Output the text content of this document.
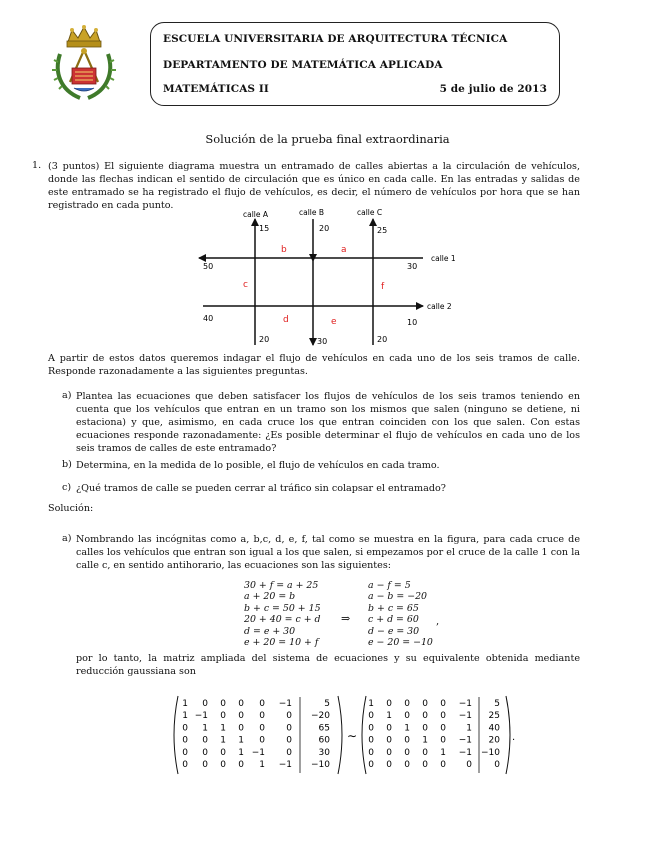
ESCUELA UNIVERSITARIA DE ARQUITECTURA TÉCNICA
DEPARTAMENTO DE MATEMÁTICA APLICADA
MATEMÁTICAS II	5 de julio de 2013
Solución de la prueba final extraordinaria
1. (3 puntos) El siguiente diagrama muestra un entramado de calles abiertas a la circulación de vehículos, donde las flechas indican el sentido de circulación que es único en cada calle. En las entradas y salidas de este entramado se ha registrado el flujo de vehículos, es decir, el número de vehículos por hora que se han registrado en cada punto.
calle A	calle B	calle C
calle 1
calle 2
15	20	25
50	30
40	10
20	30	20
b	a
c	f
d	e
A partir de estos datos queremos indagar el flujo de vehículos en cada uno de los seis tramos de calle. Responde razonadamente a las siguientes preguntas.
a) Plantea las ecuaciones que deben satisfacer los flujos de vehículos de los seis tramos teniendo en cuenta que los vehículos que entran en un tramo son los mismos que salen (ninguno se detiene, ni estaciona) y que, asimismo, en cada cruce los que entran coinciden con los que salen. Con estas ecuaciones responde razonadamente: ¿Es posible determinar el flujo de vehículos en cada uno de los seis tramos de calles de este entramado?
b) Determina, en la medida de lo posible, el flujo de vehículos en cada tramo.
c) ¿Qué tramos de calle se pueden cerrar al tráfico sin colapsar el entramado?
Solución:
a) Nombrando las incógnitas como a, b,c, d, e, f, tal como se muestra en la figura, para cada cruce de calles los vehículos que entran son igual a los que salen, si empezamos por el cruce de la calle 1 con la calle c, en sentido antihorario, las ecuaciones son las siguientes:
30 + f = a + 25
a + 20 = b
b + c = 50 + 15
20 + 40 = c + d
d = e + 30
e + 20 = 10 + f
⇒
a − f = 5
a − b = −20
b + c = 65
c + d = 60
d − e = 30
e − 20 = −10
,
por lo tanto, la matriz ampliada del sistema de ecuaciones y su equivalente obtenida mediante reducción gaussiana son
1 0 0 0 0 −1	5
1 −1 0 0 0 0 −20
0 1 1 0 0 0	65
0 0 1 1 0 0	60
0 0 0 1 −1 0	30
0 0 0 0 1 −1 −10
1 0 0 0 0 −1 5
0 1 0 0 0 −1 25
0 0 1 0 0 1 40
0 0 0 1 0 −1 20
0 0 0 0 1 −1 −10
0 0 0 0 0 0 0
∼	.
